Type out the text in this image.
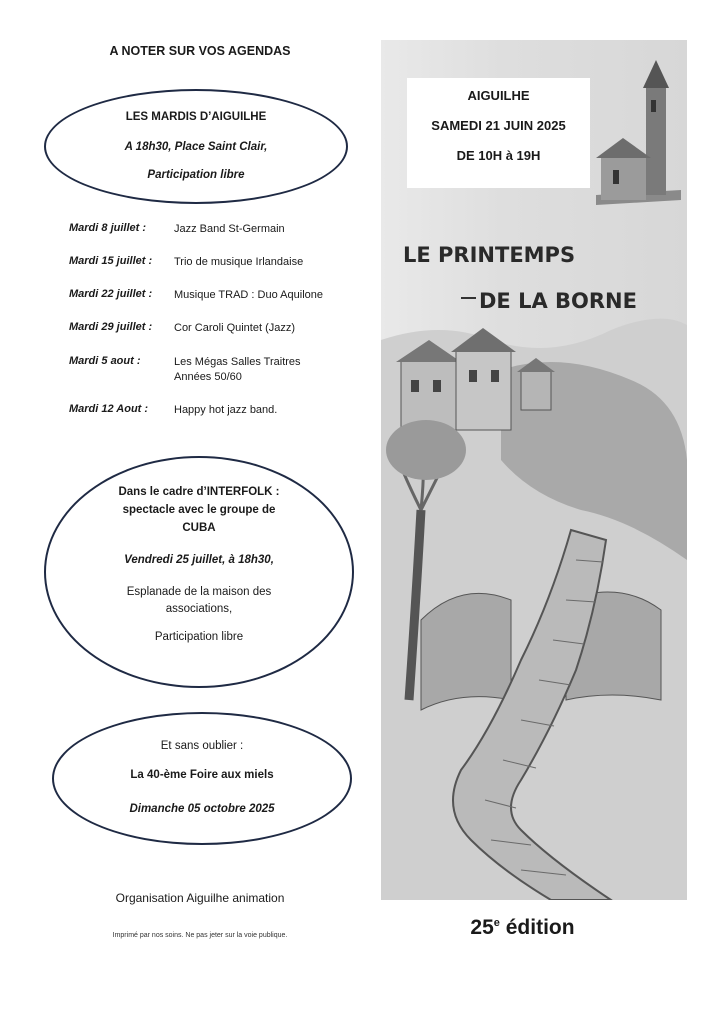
A NOTER SUR VOS AGENDAS
LES MARDIS D’AIGUILHE
A 18h30, Place Saint Clair,
Participation libre
Mardi 8 juillet :	Jazz Band St-Germain
Mardi 15 juillet : Trio de musique Irlandaise
Mardi 22 juillet : Musique TRAD : Duo Aquilone
Mardi 29 juillet : Cor Caroli Quintet (Jazz)
Mardi 5 aout :	Les Mégas Salles Traitres Années 50/60
Mardi 12 Aout : Happy hot jazz band.
Dans le cadre d’INTERFOLK :
spectacle avec le groupe de
CUBA
Vendredi 25 juillet, à 18h30,
Esplanade de la maison des
associations,
Participation libre
Et sans oublier :
La 40-ème Foire aux miels
Dimanche 05 octobre 2025
Organisation Aiguilhe animation
Imprimé par nos soins. Ne pas jeter sur la voie publique.
LE PRINTEMPS
DE LA BORNE
AIGUILHE
SAMEDI 21 JUIN 2025
DE 10H à 19H
25e édition
